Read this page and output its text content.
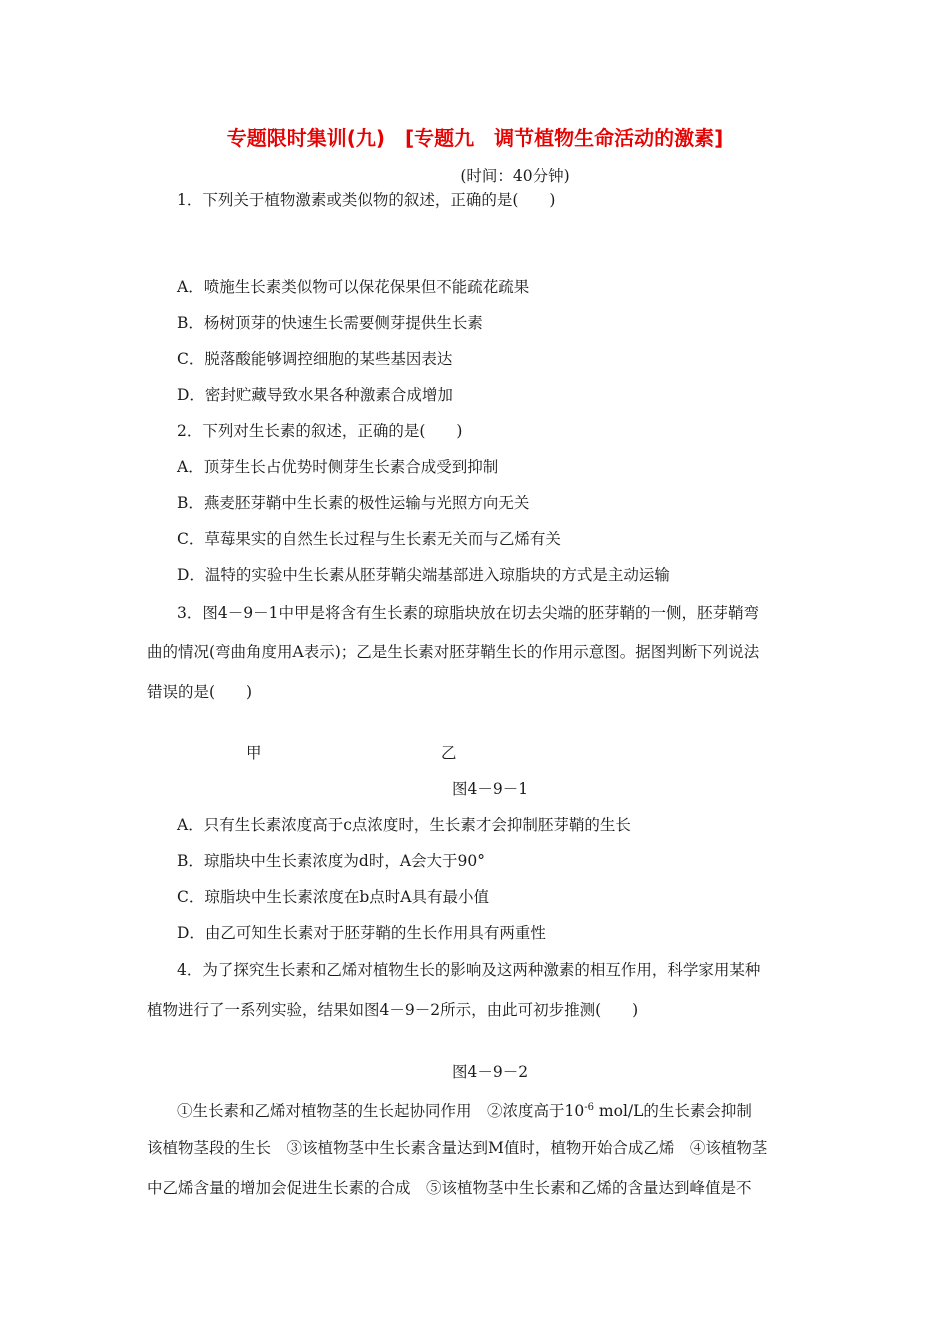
专题限时集训(九)　[专题九　调节植物生命活动的激素]
(时间：40分钟)
1．下列关于植物激素或类似物的叙述，正确的是(　　)
A．喷施生长素类似物可以保花保果但不能疏花疏果
B．杨树顶芽的快速生长需要侧芽提供生长素
C．脱落酸能够调控细胞的某些基因表达
D．密封贮藏导致水果各种激素合成增加
2．下列对生长素的叙述，正确的是(　　)
A．顶芽生长占优势时侧芽生长素合成受到抑制
B．燕麦胚芽鞘中生长素的极性运输与光照方向无关
C．草莓果实的自然生长过程与生长素无关而与乙烯有关
D．温特的实验中生长素从胚芽鞘尖端基部进入琼脂块的方式是主动运输
3．图4－9－1中甲是将含有生长素的琼脂块放在切去尖端的胚芽鞘的一侧，胚芽鞘弯
曲的情况(弯曲角度用A表示)；乙是生长素对胚芽鞘生长的作用示意图。据图判断下列说法
错误的是(　　)
甲	乙
图4－9－1
A．只有生长素浓度高于c点浓度时，生长素才会抑制胚芽鞘的生长
B．琼脂块中生长素浓度为d时，A会大于90°
C．琼脂块中生长素浓度在b点时A具有最小值
D．由乙可知生长素对于胚芽鞘的生长作用具有两重性
4．为了探究生长素和乙烯对植物生长的影响及这两种激素的相互作用，科学家用某种
植物进行了一系列实验，结果如图4－9－2所示，由此可初步推测(　　)
图4－9－2
①生长素和乙烯对植物茎的生长起协同作用　②浓度高于$10^{-6}$ mol/L的生长素会抑制
该植物茎段的生长　③该植物茎中生长素含量达到M值时，植物开始合成乙烯　④该植物茎
中乙烯含量的增加会促进生长素的合成　⑤该植物茎中生长素和乙烯的含量达到峰值是不
